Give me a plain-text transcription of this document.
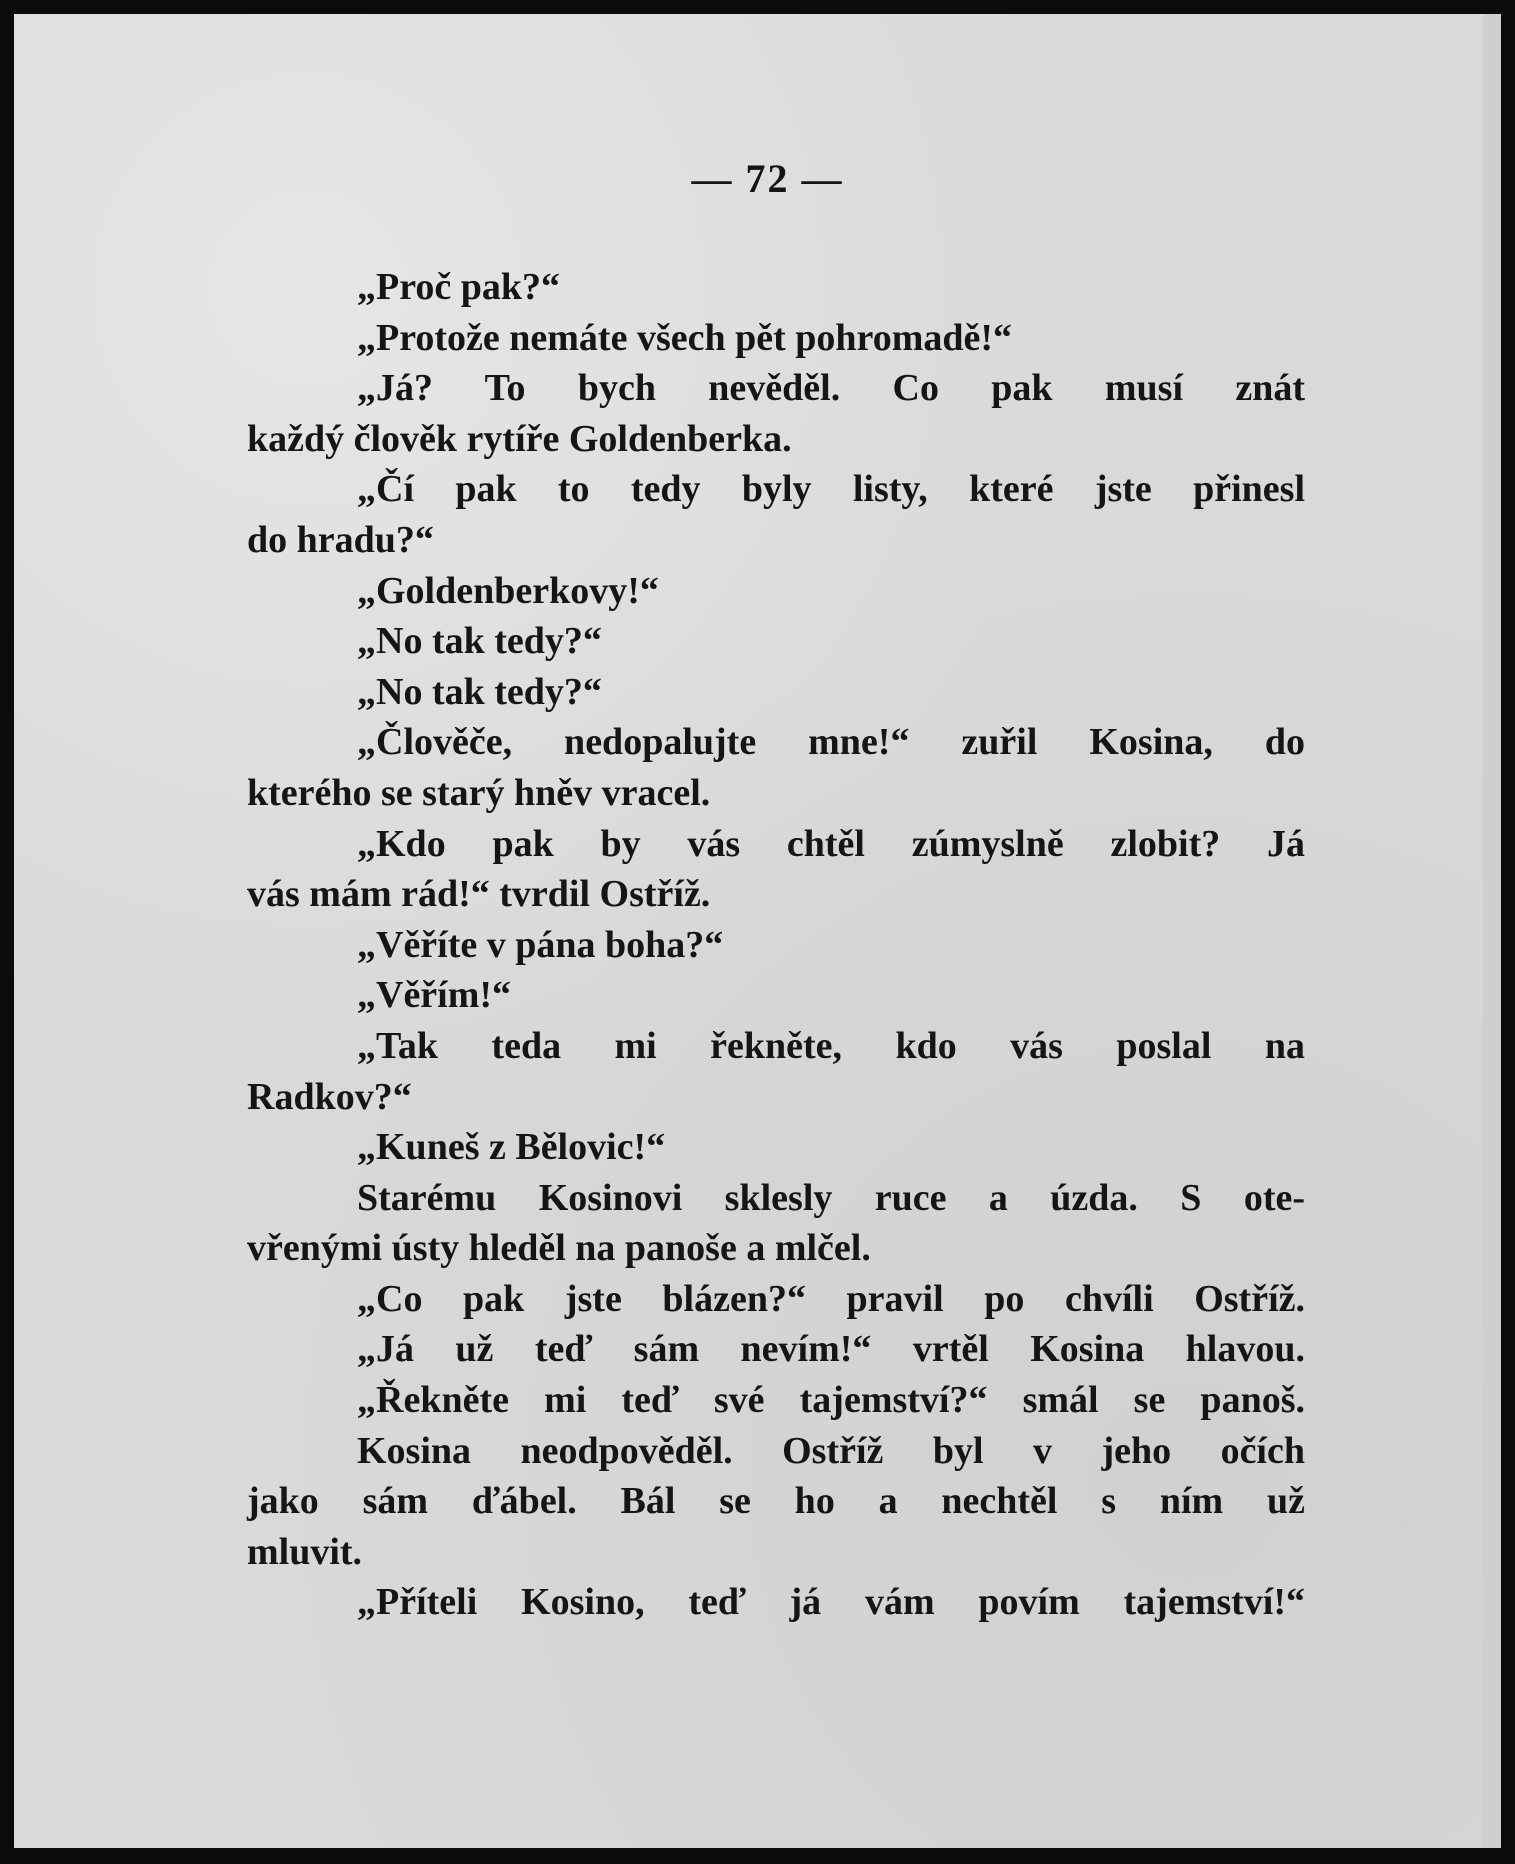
— 72 —
„Proč pak?“
„Protože nemáte všech pět pohromadě!“
„Já? To bych nevěděl. Co pak musí znát
každý člověk rytíře Goldenberka.
„Čí pak to tedy byly listy, které jste přinesl
do hradu?“
„Goldenberkovy!“
„No tak tedy?“
„No tak tedy?“
„Člověče, nedopalujte mne!“ zuřil Kosina, do
kterého se starý hněv vracel.
„Kdo pak by vás chtěl zúmyslně zlobit? Já
vás mám rád!“ tvrdil Ostříž.
„Věříte v pána boha?“
„Věřím!“
„Tak teda mi řekněte, kdo vás poslal na
Radkov?“
„Kuneš z Bělovic!“
Starému Kosinovi sklesly ruce a úzda. S ote-
vřenými ústy hleděl na panoše a mlčel.
„Co pak jste blázen?“ pravil po chvíli Ostříž.
„Já už teď sám nevím!“ vrtěl Kosina hlavou.
„Řekněte mi teď své tajemství?“ smál se panoš.
Kosina neodpověděl. Ostříž byl v jeho očích
jako sám ďábel. Bál se ho a nechtěl s ním už
mluvit.
„Příteli Kosino, teď já vám povím tajemství!“
